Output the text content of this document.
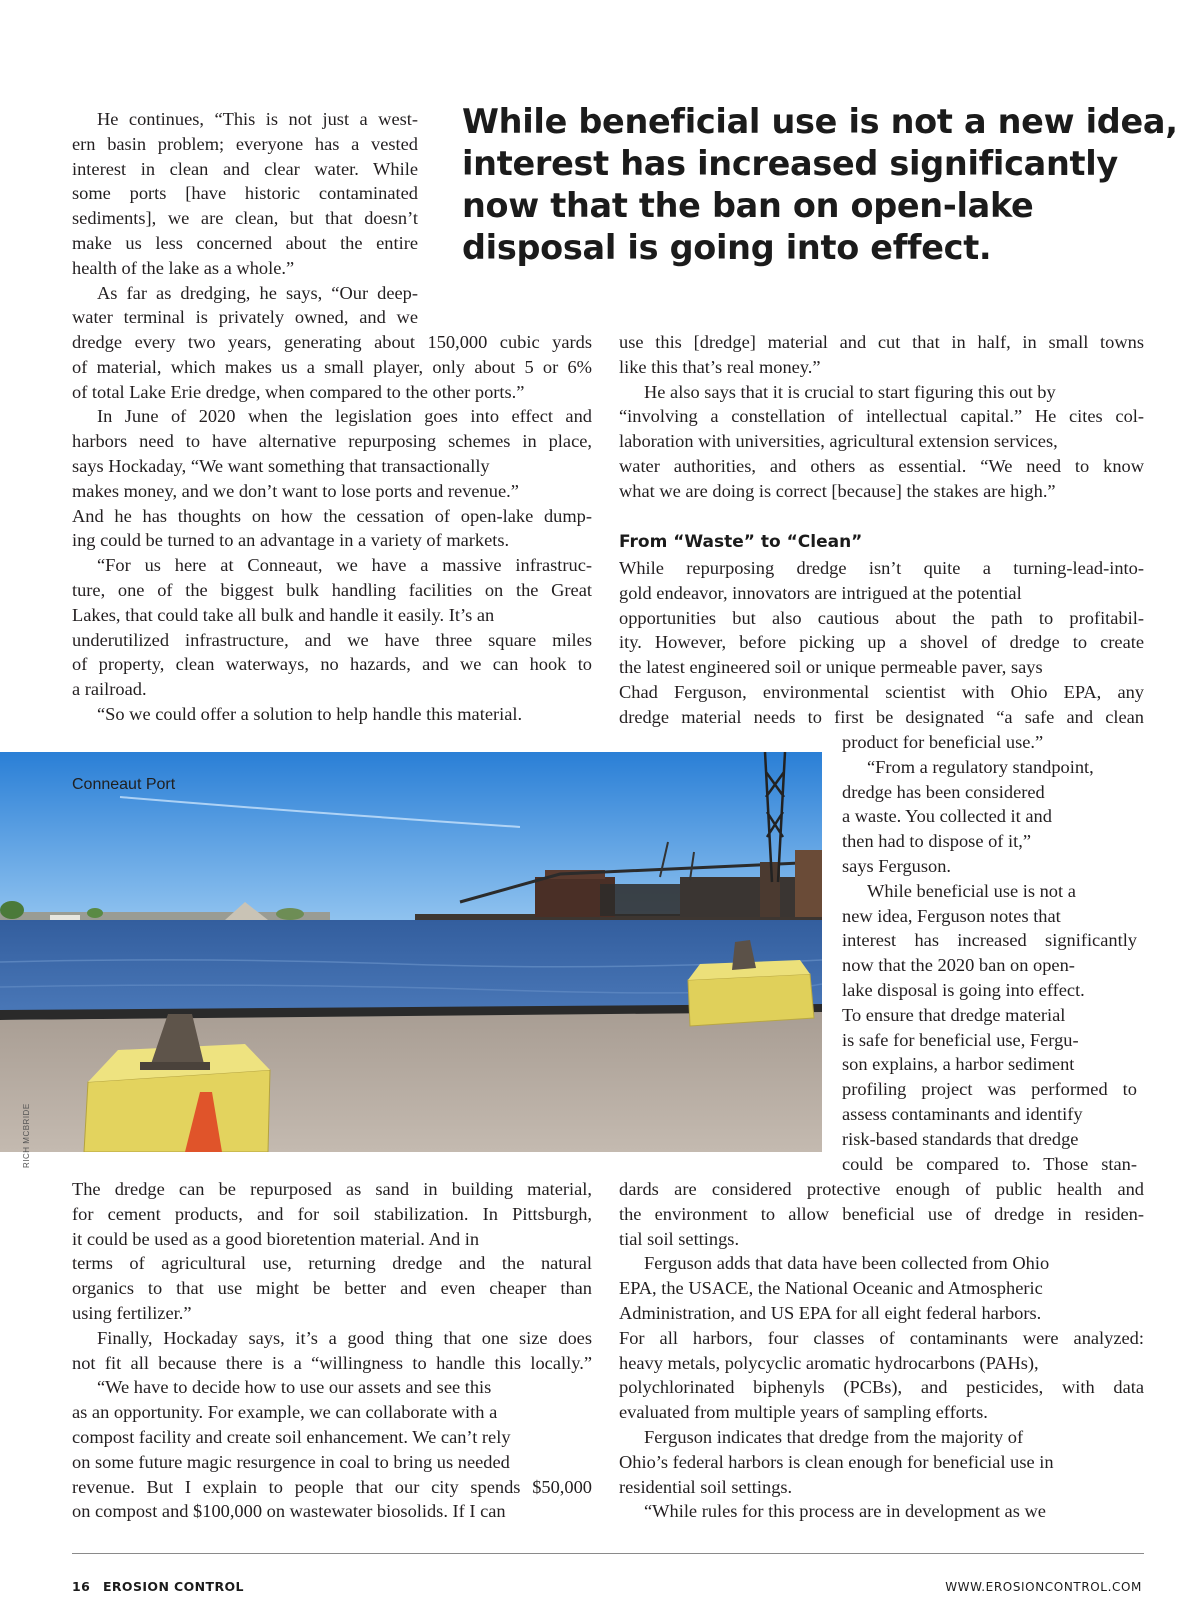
While beneficial use is not a new idea,
interest has increased significantly
now that the ban on open-lake
disposal is going into effect.
He continues, “This is not just a west-
ern basin problem; everyone has a vested
interest in clean and clear water. While
some ports [have historic contaminated
sediments], we are clean, but that doesn’t
make us less concerned about the entire
health of the lake as a whole.”
As far as dredging, he says, “Our deep-
water terminal is privately owned, and we
dredge every two years, generating about 150,000 cubic yards
of material, which makes us a small player, only about 5 or 6%
of total Lake Erie dredge, when compared to the other ports.”
In June of 2020 when the legislation goes into effect and
harbors need to have alternative repurposing schemes in place,
says Hockaday, “We want something that transactionally
makes money, and we don’t want to lose ports and revenue.”
And he has thoughts on how the cessation of open-lake dump-
ing could be turned to an advantage in a variety of markets.
“For us here at Conneaut, we have a massive infrastruc-
ture, one of the biggest bulk handling facilities on the Great
Lakes, that could take all bulk and handle it easily. It’s an
underutilized infrastructure, and we have three square miles
of property, clean waterways, no hazards, and we can hook to
a railroad.
“So we could offer a solution to help handle this material.
use this [dredge] material and cut that in half, in small towns
like this that’s real money.”
He also says that it is crucial to start figuring this out by
“involving a constellation of intellectual capital.” He cites col-
laboration with universities, agricultural extension services,
water authorities, and others as essential. “We need to know
what we are doing is correct [because] the stakes are high.”
From “Waste” to “Clean”
While repurposing dredge isn’t quite a turning-lead-into-
gold endeavor, innovators are intrigued at the potential
opportunities but also cautious about the path to profitabil-
ity. However, before picking up a shovel of dredge to create
the latest engineered soil or unique permeable paver, says
Chad Ferguson, environmental scientist with Ohio EPA, any
dredge material needs to first be designated “a safe and clean
Conneaut Port
RICH MCBRIDE
product for beneficial use.”
“From a regulatory standpoint,
dredge has been considered
a waste. You collected it and
then had to dispose of it,”
says Ferguson.
While beneficial use is not a
new idea, Ferguson notes that
interest has increased significantly
now that the 2020 ban on open-
lake disposal is going into effect.
To ensure that dredge material
is safe for beneficial use, Fergu-
son explains, a harbor sediment
profiling project was performed to
assess contaminants and identify
risk-based standards that dredge
could be compared to. Those stan-
The dredge can be repurposed as sand in building material,
for cement products, and for soil stabilization. In Pittsburgh,
it could be used as a good bioretention material. And in
terms of agricultural use, returning dredge and the natural
organics to that use might be better and even cheaper than
using fertilizer.”
Finally, Hockaday says, it’s a good thing that one size does
not fit all because there is a “willingness to handle this locally.”
“We have to decide how to use our assets and see this
as an opportunity. For example, we can collaborate with a
compost facility and create soil enhancement. We can’t rely
on some future magic resurgence in coal to bring us needed
revenue. But I explain to people that our city spends $50,000
on compost and $100,000 on wastewater biosolids. If I can
dards are considered protective enough of public health and
the environment to allow beneficial use of dredge in residen-
tial soil settings.
Ferguson adds that data have been collected from Ohio
EPA, the USACE, the National Oceanic and Atmospheric
Administration, and US EPA for all eight federal harbors.
For all harbors, four classes of contaminants were analyzed:
heavy metals, polycyclic aromatic hydrocarbons (PAHs),
polychlorinated biphenyls (PCBs), and pesticides, with data
evaluated from multiple years of sampling efforts.
Ferguson indicates that dredge from the majority of
Ohio’s federal harbors is clean enough for beneficial use in
residential soil settings.
“While rules for this process are in development as we
16 EROSION CONTROL	WWW.EROSIONCONTROL.COM
